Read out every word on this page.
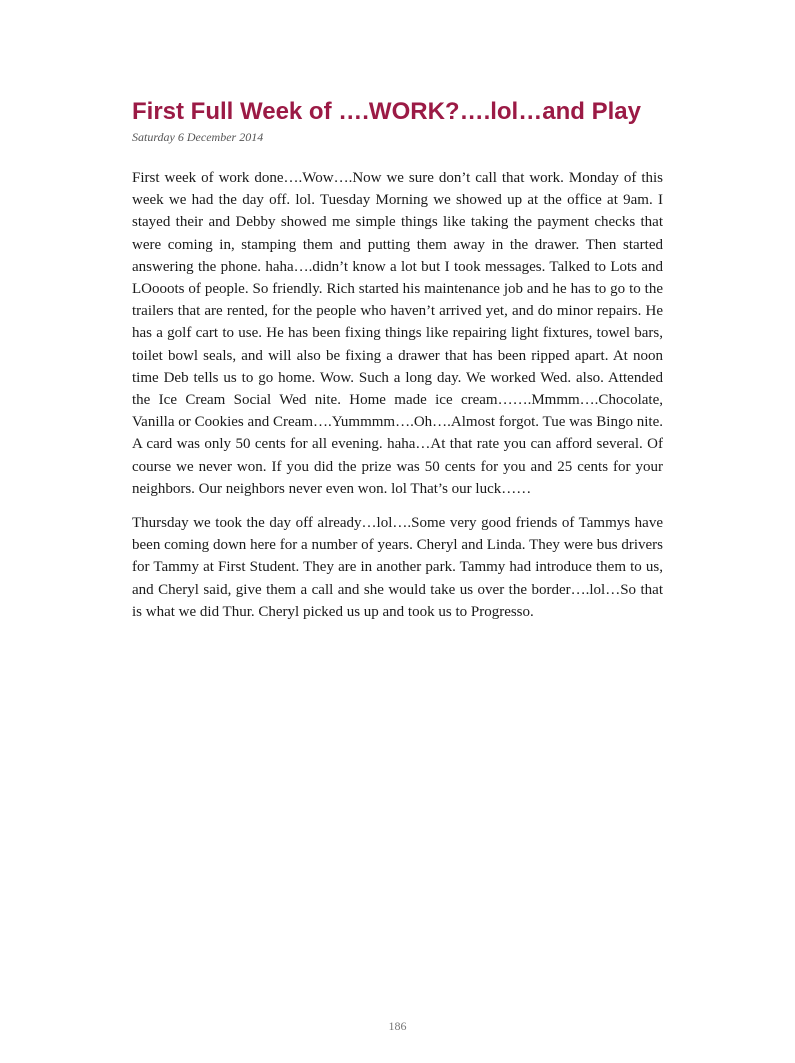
First Full Week of ….WORK?….lol…and Play
Saturday 6 December 2014

First week of work done….Wow….Now we sure don’t call that work. Monday of this week we had the day off. lol. Tuesday Morning we showed up at the office at 9am. I stayed their and Debby showed me simple things like taking the payment checks that were coming in, stamping them and putting them away in the drawer. Then started answering the phone. haha….didn’t know a lot but I took messages. Talked to Lots and LOooots of people. So friendly. Rich started his maintenance job and he has to go to the trailers that are rented, for the people who haven’t arrived yet, and do minor repairs. He has a golf cart to use. He has been fixing things like repairing light fixtures, towel bars, toilet bowl seals, and will also be fixing a drawer that has been ripped apart. At noon time Deb tells us to go home. Wow. Such a long day. We worked Wed. also. Attended the Ice Cream Social Wed nite. Home made ice cream…….Mmmm….Chocolate, Vanilla or Cookies and Cream….Yummmm….Oh….Almost forgot. Tue was Bingo nite. A card was only 50 cents for all evening. haha…At that rate you can afford several. Of course we never won. If you did the prize was 50 cents for you and 25 cents for your neighbors. Our neighbors never even won. lol That’s our luck……

Thursday we took the day off already…lol….Some very good friends of Tammys have been coming down here for a number of years. Cheryl and Linda. They were bus drivers for Tammy at First Student. They are in another park. Tammy had introduce them to us, and Cheryl said, give them a call and she would take us over the border….lol…So that is what we did Thur. Cheryl picked us up and took us to Progresso.

186
